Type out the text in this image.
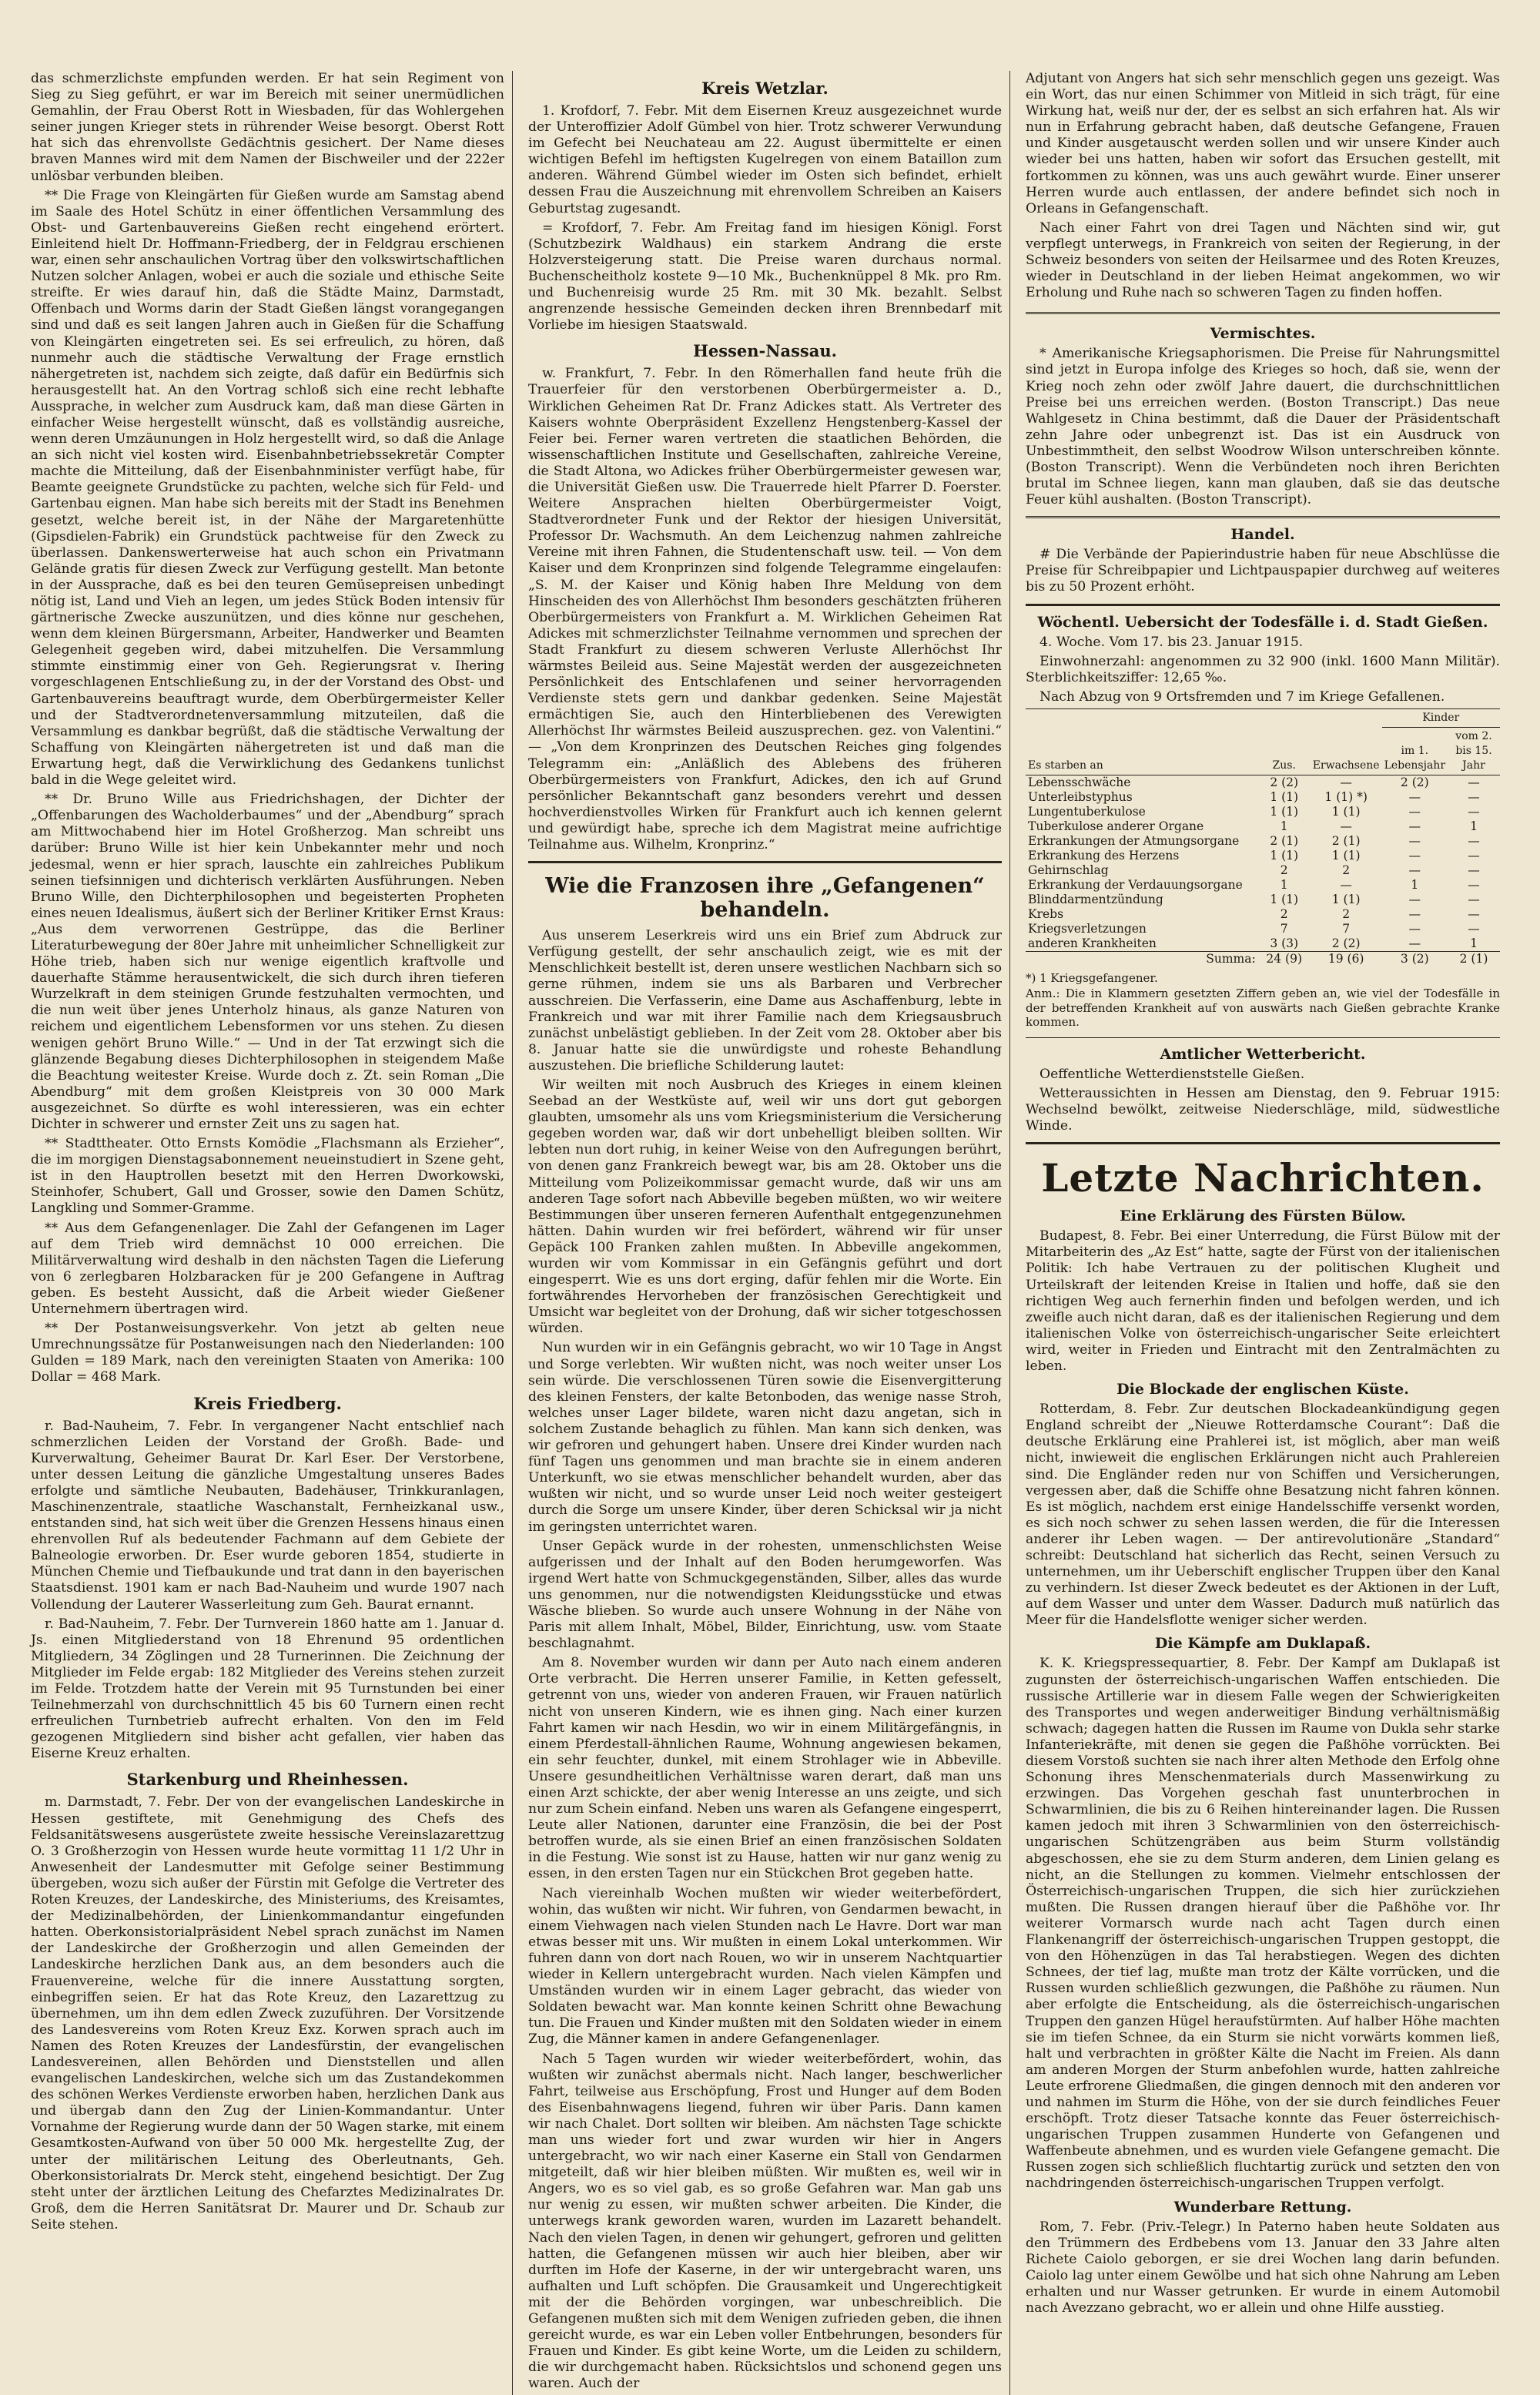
das schmerzlichste empfunden werden. Er hat sein Regiment von Sieg zu Sieg geführt, er war im Bereich mit seiner unermüdlichen Gemahlin, der Frau Oberst Rott in Wiesbaden, für das Wohlergehen seiner jungen Krieger stets in rührender Weise besorgt. Oberst Rott hat sich das ehrenvollste Gedächtnis gesichert. Der Name dieses braven Mannes wird mit dem Namen der Bischweiler und der 222er unlösbar verbunden bleiben.

** Die Frage von Kleingärten für Gießen wurde am Samstag abend im Saale des Hotel Schütz in einer öffentlichen Versammlung des Obst- und Gartenbauvereins Gießen recht eingehend erörtert. Einleitend hielt Dr. Hoffmann-Friedberg, der in Feldgrau erschienen war, einen sehr anschaulichen Vortrag über den volkswirtschaftlichen Nutzen solcher Anlagen, wobei er auch die soziale und ethische Seite streifte. Er wies darauf hin, daß die Städte Mainz, Darmstadt, Offenbach und Worms darin der Stadt Gießen längst vorangegangen sind und daß es seit langen Jahren auch in Gießen für die Schaffung von Kleingärten eingetreten sei. Es sei erfreulich, zu hören, daß nunmehr auch die städtische Verwaltung der Frage ernstlich nähergetreten ist, nachdem sich zeigte, daß dafür ein Bedürfnis sich herausgestellt hat. An den Vortrag schloß sich eine recht lebhafte Aussprache, in welcher zum Ausdruck kam, daß man diese Gärten in einfacher Weise hergestellt wünscht, daß es vollständig ausreiche, wenn deren Umzäunungen in Holz hergestellt wird, so daß die Anlage an sich nicht viel kosten wird. Eisenbahnbetriebssekretär Compter machte die Mitteilung, daß der Eisenbahnminister verfügt habe, für Beamte geeignete Grundstücke zu pachten, welche sich für Feld- und Gartenbau eignen. Man habe sich bereits mit der Stadt ins Benehmen gesetzt, welche bereit ist, in der Nähe der Margaretenhütte (Gipsdielen-Fabrik) ein Grundstück pachtweise für den Zweck zu überlassen. Dankenswerterweise hat auch schon ein Privatmann Gelände gratis für diesen Zweck zur Verfügung gestellt. Man betonte in der Aussprache, daß es bei den teuren Gemüsepreisen unbedingt nötig ist, Land und Vieh an legen, um jedes Stück Boden intensiv für gärtnerische Zwecke auszunützen, und dies könne nur geschehen, wenn dem kleinen Bürgersmann, Arbeiter, Handwerker und Beamten Gelegenheit gegeben wird, dabei mitzuhelfen. Die Versammlung stimmte einstimmig einer von Geh. Regierungsrat v. Ihering vorgeschlagenen Entschließung zu, in der der Vorstand des Obst- und Gartenbauvereins beauftragt wurde, dem Oberbürgermeister Keller und der Stadtverordnetenversammlung mitzuteilen, daß die Versammlung es dankbar begrüßt, daß die städtische Verwaltung der Schaffung von Kleingärten nähergetreten ist und daß man die Erwartung hegt, daß die Verwirklichung des Gedankens tunlichst bald in die Wege geleitet wird.

** Dr. Bruno Wille aus Friedrichshagen, der Dichter der „Offenbarungen des Wacholderbaumes“ und der „Abendburg“ sprach am Mittwochabend hier im Hotel Großherzog. Man schreibt uns darüber: Bruno Wille ist hier kein Unbekannter mehr und noch jedesmal, wenn er hier sprach, lauschte ein zahlreiches Publikum seinen tiefsinnigen und dichterisch verklärten Ausführungen. Neben Bruno Wille, den Dichterphilosophen und begeisterten Propheten eines neuen Idealismus, äußert sich der Berliner Kritiker Ernst Kraus: „Aus dem verworrenen Gestrüppe, das die Berliner Literaturbewegung der 80er Jahre mit unheimlicher Schnelligkeit zur Höhe trieb, haben sich nur wenige eigentlich kraftvolle und dauerhafte Stämme herausentwickelt, die sich durch ihren tieferen Wurzelkraft in dem steinigen Grunde festzuhalten vermochten, und die nun weit über jenes Unterholz hinaus, als ganze Naturen von reichem und eigentlichem Lebensformen vor uns stehen. Zu diesen wenigen gehört Bruno Wille.“ — Und in der Tat erzwingt sich die glänzende Begabung dieses Dichterphilosophen in steigendem Maße die Beachtung weitester Kreise. Wurde doch z. Zt. sein Roman „Die Abendburg“ mit dem großen Kleistpreis von 30 000 Mark ausgezeichnet. So dürfte es wohl interessieren, was ein echter Dichter in schwerer und ernster Zeit uns zu sagen hat.

** Stadttheater. Otto Ernsts Komödie „Flachsmann als Erzieher“, die im morgigen Dienstagsabonnement neueinstudiert in Szene geht, ist in den Hauptrollen besetzt mit den Herren Dworkowski, Steinhofer, Schubert, Gall und Grosser, sowie den Damen Schütz, Langkling und Sommer-Gramme.

** Aus dem Gefangenenlager. Die Zahl der Gefangenen im Lager auf dem Trieb wird demnächst 10 000 erreichen. Die Militärverwaltung wird deshalb in den nächsten Tagen die Lieferung von 6 zerlegbaren Holzbaracken für je 200 Gefangene in Auftrag geben. Es besteht Aussicht, daß die Arbeit wieder Gießener Unternehmern übertragen wird.

** Der Postanweisungsverkehr. Von jetzt ab gelten neue Umrechnungssätze für Postanweisungen nach den Niederlanden: 100 Gulden = 189 Mark, nach den vereinigten Staaten von Amerika: 100 Dollar = 468 Mark.

Kreis Friedberg.

r. Bad-Nauheim, 7. Febr. In vergangener Nacht entschlief nach schmerzlichen Leiden der Vorstand der Großh. Bade- und Kurverwaltung, Geheimer Baurat Dr. Karl Eser. Der Verstorbene, unter dessen Leitung die gänzliche Umgestaltung unseres Bades erfolgte und sämtliche Neubauten, Badehäuser, Trinkkuranlagen, Maschinenzentrale, staatliche Waschanstalt, Fernheizkanal usw., entstanden sind, hat sich weit über die Grenzen Hessens hinaus einen ehrenvollen Ruf als bedeutender Fachmann auf dem Gebiete der Balneologie erworben. Dr. Eser wurde geboren 1854, studierte in München Chemie und Tiefbaukunde und trat dann in den bayerischen Staatsdienst. 1901 kam er nach Bad-Nauheim und wurde 1907 nach Vollendung der Lauterer Wasserleitung zum Geh. Baurat ernannt.

r. Bad-Nauheim, 7. Febr. Der Turnverein 1860 hatte am 1. Januar d. Js. einen Mitgliederstand von 18 Ehrenund 95 ordentlichen Mitgliedern, 34 Zöglingen und 28 Turnerinnen. Die Zeichnung der Mitglieder im Felde ergab: 182 Mitglieder des Vereins stehen zurzeit im Felde. Trotzdem hatte der Verein mit 95 Turnstunden bei einer Teilnehmerzahl von durchschnittlich 45 bis 60 Turnern einen recht erfreulichen Turnbetrieb aufrecht erhalten. Von den im Feld gezogenen Mitgliedern sind bisher acht gefallen, vier haben das Eiserne Kreuz erhalten.

Starkenburg und Rheinhessen.

m. Darmstadt, 7. Febr. Der von der evangelischen Landeskirche in Hessen gestiftete, mit Genehmigung des Chefs des Feldsanitätswesens ausgerüstete zweite hessische Vereinslazarettzug O. 3 Großherzogin von Hessen wurde heute vormittag 11 1/2 Uhr in Anwesenheit der Landesmutter mit Gefolge seiner Bestimmung übergeben, wozu sich außer der Fürstin mit Gefolge die Vertreter des Roten Kreuzes, der Landeskirche, des Ministeriums, des Kreisamtes, der Medizinalbehörden, der Linienkommandantur eingefunden hatten. Oberkonsistorialpräsident Nebel sprach zunächst im Namen der Landeskirche der Großherzogin und allen Gemeinden der Landeskirche herzlichen Dank aus, an dem besonders auch die Frauenvereine, welche für die innere Ausstattung sorgten, einbegriffen seien. Er hat das Rote Kreuz, den Lazarettzug zu übernehmen, um ihn dem edlen Zweck zuzuführen. Der Vorsitzende des Landesvereins vom Roten Kreuz Exz. Korwen sprach auch im Namen des Roten Kreuzes der Landesfürstin, der evangelischen Landesvereinen, allen Behörden und Dienststellen und allen evangelischen Landeskirchen, welche sich um das Zustandekommen des schönen Werkes Verdienste erworben haben, herzlichen Dank aus und übergab dann den Zug der Linien-Kommandantur. Unter Vornahme der Regierung wurde dann der 50 Wagen starke, mit einem Gesamtkosten-Aufwand von über 50 000 Mk. hergestellte Zug, der unter der militärischen Leitung des Oberleutnants, Geh. Oberkonsistorialrats Dr. Merck steht, eingehend besichtigt. Der Zug steht unter der ärztlichen Leitung des Chefarztes Medizinalrates Dr. Groß, dem die Herren Sanitätsrat Dr. Maurer und Dr. Schaub zur Seite stehen.

Kreis Wetzlar.

1. Krofdorf, 7. Febr. Mit dem Eisernen Kreuz ausgezeichnet wurde der Unteroffizier Adolf Gümbel von hier. Trotz schwerer Verwundung im Gefecht bei Neuchateau am 22. August übermittelte er einen wichtigen Befehl im heftigsten Kugelregen von einem Bataillon zum anderen. Während Gümbel wieder im Osten sich befindet, erhielt dessen Frau die Auszeichnung mit ehrenvollem Schreiben an Kaisers Geburtstag zugesandt.

= Krofdorf, 7. Febr. Am Freitag fand im hiesigen Königl. Forst (Schutzbezirk Waldhaus) ein starkem Andrang die erste Holzversteigerung statt. Die Preise waren durchaus normal. Buchenscheitholz kostete 9—10 Mk., Buchenknüppel 8 Mk. pro Rm. und Buchenreisig wurde 25 Rm. mit 30 Mk. bezahlt. Selbst angrenzende hessische Gemeinden decken ihren Brennbedarf mit Vorliebe im hiesigen Staatswald.

Hessen-Nassau.

w. Frankfurt, 7. Febr. In den Römerhallen fand heute früh die Trauerfeier für den verstorbenen Oberbürgermeister a. D., Wirklichen Geheimen Rat Dr. Franz Adickes statt. Als Vertreter des Kaisers wohnte Oberpräsident Exzellenz Hengstenberg-Kassel der Feier bei. Ferner waren vertreten die staatlichen Behörden, die wissenschaftlichen Institute und Gesellschaften, zahlreiche Vereine, die Stadt Altona, wo Adickes früher Oberbürgermeister gewesen war, die Universität Gießen usw. Die Trauerrede hielt Pfarrer D. Foerster. Weitere Ansprachen hielten Oberbürgermeister Voigt, Stadtverordneter Funk und der Rektor der hiesigen Universität, Professor Dr. Wachsmuth. An dem Leichenzug nahmen zahlreiche Vereine mit ihren Fahnen, die Studentenschaft usw. teil. — Von dem Kaiser und dem Kronprinzen sind folgende Telegramme eingelaufen: „S. M. der Kaiser und König haben Ihre Meldung von dem Hinscheiden des von Allerhöchst Ihm besonders geschätzten früheren Oberbürgermeisters von Frankfurt a. M. Wirklichen Geheimen Rat Adickes mit schmerzlichster Teilnahme vernommen und sprechen der Stadt Frankfurt zu diesem schweren Verluste Allerhöchst Ihr wärmstes Beileid aus. Seine Majestät werden der ausgezeichneten Persönlichkeit des Entschlafenen und seiner hervorragenden Verdienste stets gern und dankbar gedenken. Seine Majestät ermächtigen Sie, auch den Hinterbliebenen des Verewigten Allerhöchst Ihr wärmstes Beileid auszusprechen. gez. von Valentini.“ — „Von dem Kronprinzen des Deutschen Reiches ging folgendes Telegramm ein: „Anläßlich des Ablebens des früheren Oberbürgermeisters von Frankfurt, Adickes, den ich auf Grund persönlicher Bekanntschaft ganz besonders verehrt und dessen hochverdienstvolles Wirken für Frankfurt auch ich kennen gelernt und gewürdigt habe, spreche ich dem Magistrat meine aufrichtige Teilnahme aus. Wilhelm, Kronprinz.“

Wie die Franzosen ihre „Gefangenen“ behandeln.

Aus unserem Leserkreis wird uns ein Brief zum Abdruck zur Verfügung gestellt, der sehr anschaulich zeigt, wie es mit der Menschlichkeit bestellt ist, deren unsere westlichen Nachbarn sich so gerne rühmen, indem sie uns als Barbaren und Verbrecher ausschreien. Die Verfasserin, eine Dame aus Aschaffenburg, lebte in Frankreich und war mit ihrer Familie nach dem Kriegsausbruch zunächst unbelästigt geblieben. In der Zeit vom 28. Oktober aber bis 8. Januar hatte sie die unwürdigste und roheste Behandlung auszustehen. Die briefliche Schilderung lautet:

Wir weilten mit noch Ausbruch des Krieges in einem kleinen Seebad an der Westküste auf, weil wir uns dort gut geborgen glaubten, umsomehr als uns vom Kriegsministerium die Versicherung gegeben worden war, daß wir dort unbehelligt bleiben sollten. Wir lebten nun dort ruhig, in keiner Weise von den Aufregungen berührt, von denen ganz Frankreich bewegt war, bis am 28. Oktober uns die Mitteilung vom Polizeikommissar gemacht wurde, daß wir uns am anderen Tage sofort nach Abbeville begeben müßten, wo wir weitere Bestimmungen über unseren ferneren Aufenthalt entgegenzunehmen hätten. Dahin wurden wir frei befördert, während wir für unser Gepäck 100 Franken zahlen mußten. In Abbeville angekommen, wurden wir vom Kommissar in ein Gefängnis geführt und dort eingesperrt. Wie es uns dort erging, dafür fehlen mir die Worte. Ein fortwährendes Hervorheben der französischen Gerechtigkeit und Umsicht war begleitet von der Drohung, daß wir sicher totgeschossen würden.

Nun wurden wir in ein Gefängnis gebracht, wo wir 10 Tage in Angst und Sorge verlebten. Wir wußten nicht, was noch weiter unser Los sein würde. Die verschlossenen Türen sowie die Eisenvergitterung des kleinen Fensters, der kalte Betonboden, das wenige nasse Stroh, welches unser Lager bildete, waren nicht dazu angetan, sich in solchem Zustande behaglich zu fühlen. Man kann sich denken, was wir gefroren und gehungert haben. Unsere drei Kinder wurden nach fünf Tagen uns genommen und man brachte sie in einem anderen Unterkunft, wo sie etwas menschlicher behandelt wurden, aber das wußten wir nicht, und so wurde unser Leid noch weiter gesteigert durch die Sorge um unsere Kinder, über deren Schicksal wir ja nicht im geringsten unterrichtet waren.

Unser Gepäck wurde in der rohesten, unmenschlichsten Weise aufgerissen und der Inhalt auf den Boden herumgeworfen. Was irgend Wert hatte von Schmuckgegenständen, Silber, alles das wurde uns genommen, nur die notwendigsten Kleidungsstücke und etwas Wäsche blieben. So wurde auch unsere Wohnung in der Nähe von Paris mit allem Inhalt, Möbel, Bilder, Einrichtung, usw. vom Staate beschlagnahmt.

Am 8. November wurden wir dann per Auto nach einem anderen Orte verbracht. Die Herren unserer Familie, in Ketten gefesselt, getrennt von uns, wieder von anderen Frauen, wir Frauen natürlich nicht von unseren Kindern, wie es ihnen ging. Nach einer kurzen Fahrt kamen wir nach Hesdin, wo wir in einem Militärgefängnis, in einem Pferdestall-ähnlichen Raume, Wohnung angewiesen bekamen, ein sehr feuchter, dunkel, mit einem Strohlager wie in Abbeville. Unsere gesundheitlichen Verhältnisse waren derart, daß man uns einen Arzt schickte, der aber wenig Interesse an uns zeigte, und sich nur zum Schein einfand. Neben uns waren als Gefangene eingesperrt, Leute aller Nationen, darunter eine Französin, die bei der Post betroffen wurde, als sie einen Brief an einen französischen Soldaten in die Festung. Wie sonst ist zu Hause, hatten wir nur ganz wenig zu essen, in den ersten Tagen nur ein Stückchen Brot gegeben hatte.

Nach viereinhalb Wochen mußten wir wieder weiterbefördert, wohin, das wußten wir nicht. Wir fuhren, von Gendarmen bewacht, in einem Viehwagen nach vielen Stunden nach Le Havre. Dort war man etwas besser mit uns. Wir mußten in einem Lokal unterkommen. Wir fuhren dann von dort nach Rouen, wo wir in unserem Nachtquartier wieder in Kellern untergebracht wurden. Nach vielen Kämpfen und Umständen wurden wir in einem Lager gebracht, das wieder von Soldaten bewacht war. Man konnte keinen Schritt ohne Bewachung tun. Die Frauen und Kinder mußten mit den Soldaten wieder in einem Zug, die Männer kamen in andere Gefangenenlager.

Nach 5 Tagen wurden wir wieder weiterbefördert, wohin, das wußten wir zunächst abermals nicht. Nach langer, beschwerlicher Fahrt, teilweise aus Erschöpfung, Frost und Hunger auf dem Boden des Eisenbahnwagens liegend, fuhren wir über Paris. Dann kamen wir nach Chalet. Dort sollten wir bleiben. Am nächsten Tage schickte man uns wieder fort und zwar wurden wir hier in Angers untergebracht, wo wir nach einer Kaserne ein Stall von Gendarmen mitgeteilt, daß wir hier bleiben müßten. Wir mußten es, weil wir in Angers, wo es so viel gab, es so große Gefahren war. Man gab uns nur wenig zu essen, wir mußten schwer arbeiten. Die Kinder, die unterwegs krank geworden waren, wurden im Lazarett behandelt. Nach den vielen Tagen, in denen wir gehungert, gefroren und gelitten hatten, die Gefangenen müssen wir auch hier bleiben, aber wir durften im Hofe der Kaserne, in der wir untergebracht waren, uns aufhalten und Luft schöpfen. Die Grausamkeit und Ungerechtigkeit mit der die Behörden vorgingen, war unbeschreiblich. Die Gefangenen mußten sich mit dem Wenigen zufrieden geben, die ihnen gereicht wurde, es war ein Leben voller Entbehrungen, besonders für Frauen und Kinder. Es gibt keine Worte, um die Leiden zu schildern, die wir durchgemacht haben. Rücksichtslos und schonend gegen uns waren. Auch der

Adjutant von Angers hat sich sehr menschlich gegen uns gezeigt. Was ein Wort, das nur einen Schimmer von Mitleid in sich trägt, für eine Wirkung hat, weiß nur der, der es selbst an sich erfahren hat. Als wir nun in Erfahrung gebracht haben, daß deutsche Gefangene, Frauen und Kinder ausgetauscht werden sollen und wir unsere Kinder auch wieder bei uns hatten, haben wir sofort das Ersuchen gestellt, mit fortkommen zu können, was uns auch gewährt wurde. Einer unserer Herren wurde auch entlassen, der andere befindet sich noch in Orleans in Gefangenschaft.

Nach einer Fahrt von drei Tagen und Nächten sind wir, gut verpflegt unterwegs, in Frankreich von seiten der Regierung, in der Schweiz besonders von seiten der Heilsarmee und des Roten Kreuzes, wieder in Deutschland in der lieben Heimat angekommen, wo wir Erholung und Ruhe nach so schweren Tagen zu finden hoffen.

Vermischtes.

* Amerikanische Kriegsaphorismen. Die Preise für Nahrungsmittel sind jetzt in Europa infolge des Krieges so hoch, daß sie, wenn der Krieg noch zehn oder zwölf Jahre dauert, die durchschnittlichen Preise bei uns erreichen werden. (Boston Transcript.) Das neue Wahlgesetz in China bestimmt, daß die Dauer der Präsidentschaft zehn Jahre oder unbegrenzt ist. Das ist ein Ausdruck von Unbestimmtheit, den selbst Woodrow Wilson unterschreiben könnte. (Boston Transcript). Wenn die Verbündeten noch ihren Berichten brutal im Schnee liegen, kann man glauben, daß sie das deutsche Feuer kühl aushalten. (Boston Transcript).

Handel.

# Die Verbände der Papierindustrie haben für neue Abschlüsse die Preise für Schreibpapier und Lichtpauspapier durchweg auf weiteres bis zu 50 Prozent erhöht.

Wöchentl. Uebersicht der Todesfälle i. d. Stadt Gießen.

4. Woche. Vom 17. bis 23. Januar 1915.

Einwohnerzahl: angenommen zu 32 900 (inkl. 1600 Mann Militär). Sterblichkeitsziffer: 12,65 ‰.

Nach Abzug von 9 Ortsfremden und 7 im Kriege Gefallenen.

Es starben an	Zus.	Erwachsene	Kinder	
			im 1. Lebensjahr	vom 2. bis 15. Jahr
Lebensschwäche	2 (2)	—	2 (2)	—
Unterleibstyphus	1 (1)	1 (1) *)	—	—
Lungentuberkulose	1 (1)	1 (1)	—	—
Tuberkulose anderer Organe	1	—	—	1
Erkrankungen der Atmungsorgane	2 (1)	2 (1)	—	—
Erkrankung des Herzens	1 (1)	1 (1)	—	—
Gehirnschlag	2	2	—	—
Erkrankung der Verdauungsorgane	1	—	1	—
Blinddarmentzündung	1 (1)	1 (1)	—	—
Krebs	2	2	—	—
Kriegsverletzungen	7	7	—	—
anderen Krankheiten	3 (3)	2 (2)	—	1
Summa:	24 (9)	19 (6)	3 (2)	2 (1)

*) 1 Kriegsgefangener.

Anm.: Die in Klammern gesetzten Ziffern geben an, wie viel der Todesfälle in der betreffenden Krankheit auf von auswärts nach Gießen gebrachte Kranke kommen.

Amtlicher Wetterbericht.

Oeffentliche Wetterdienststelle Gießen.

Wetteraussichten in Hessen am Dienstag, den 9. Februar 1915: Wechselnd bewölkt, zeitweise Niederschläge, mild, südwestliche Winde.

Letzte Nachrichten.
Eine Erklärung des Fürsten Bülow.

Budapest, 8. Febr. Bei einer Unterredung, die Fürst Bülow mit der Mitarbeiterin des „Az Est“ hatte, sagte der Fürst von der italienischen Politik: Ich habe Vertrauen zu der politischen Klugheit und Urteilskraft der leitenden Kreise in Italien und hoffe, daß sie den richtigen Weg auch fernerhin finden und befolgen werden, und ich zweifle auch nicht daran, daß es der italienischen Regierung und dem italienischen Volke von österreichisch-ungarischer Seite erleichtert wird, weiter in Frieden und Eintracht mit den Zentralmächten zu leben.

Die Blockade der englischen Küste.

Rotterdam, 8. Febr. Zur deutschen Blockadeankündigung gegen England schreibt der „Nieuwe Rotterdamsche Courant“: Daß die deutsche Erklärung eine Prahlerei ist, ist möglich, aber man weiß nicht, inwieweit die englischen Erklärungen nicht auch Prahlereien sind. Die Engländer reden nur von Schiffen und Versicherungen, vergessen aber, daß die Schiffe ohne Besatzung nicht fahren können. Es ist möglich, nachdem erst einige Handelsschiffe versenkt worden, es sich noch schwer zu sehen lassen werden, die für die Interessen anderer ihr Leben wagen. — Der antirevolutionäre „Standard“ schreibt: Deutschland hat sicherlich das Recht, seinen Versuch zu unternehmen, um ihr Ueberschift englischer Truppen über den Kanal zu verhindern. Ist dieser Zweck bedeutet es der Aktionen in der Luft, auf dem Wasser und unter dem Wasser. Dadurch muß natürlich das Meer für die Handelsflotte weniger sicher werden.

Die Kämpfe am Duklapaß.

K. K. Kriegspressequartier, 8. Febr. Der Kampf am Duklapaß ist zugunsten der österreichisch-ungarischen Waffen entschieden. Die russische Artillerie war in diesem Falle wegen der Schwierigkeiten des Transportes und wegen anderweitiger Bindung verhältnismäßig schwach; dagegen hatten die Russen im Raume von Dukla sehr starke Infanteriekräfte, mit denen sie gegen die Paßhöhe vorrückten. Bei diesem Vorstoß suchten sie nach ihrer alten Methode den Erfolg ohne Schonung ihres Menschenmaterials durch Massenwirkung zu erzwingen. Das Vorgehen geschah fast ununterbrochen in Schwarmlinien, die bis zu 6 Reihen hintereinander lagen. Die Russen kamen jedoch mit ihren 3 Schwarmlinien von den österreichisch-ungarischen Schützengräben aus beim Sturm vollständig abgeschossen, ehe sie zu dem Sturm anderen, dem Linien gelang es nicht, an die Stellungen zu kommen. Vielmehr entschlossen der Österreichisch-ungarischen Truppen, die sich hier zurückziehen mußten. Die Russen drangen hierauf über die Paßhöhe vor. Ihr weiterer Vormarsch wurde nach acht Tagen durch einen Flankenangriff der österreichisch-ungarischen Truppen gestoppt, die von den Höhenzügen in das Tal herabstiegen. Wegen des dichten Schnees, der tief lag, mußte man trotz der Kälte vorrücken, und die Russen wurden schließlich gezwungen, die Paßhöhe zu räumen. Nun aber erfolgte die Entscheidung, als die österreichisch-ungarischen Truppen den ganzen Hügel heraufstürmten. Auf halber Höhe machten sie im tiefen Schnee, da ein Sturm sie nicht vorwärts kommen ließ, halt und verbrachten in größter Kälte die Nacht im Freien. Als dann am anderen Morgen der Sturm anbefohlen wurde, hatten zahlreiche Leute erfrorene Gliedmaßen, die gingen dennoch mit den anderen vor und nahmen im Sturm die Höhe, von der sie durch feindliches Feuer erschöpft. Trotz dieser Tatsache konnte das Feuer österreichisch-ungarischen Truppen zusammen Hunderte von Gefangenen und Waffenbeute abnehmen, und es wurden viele Gefangene gemacht. Die Russen zogen sich schließlich fluchtartig zurück und setzten den von nachdringenden österreichisch-ungarischen Truppen verfolgt.

Wunderbare Rettung.

Rom, 7. Febr. (Priv.-Telegr.) In Paterno haben heute Soldaten aus den Trümmern des Erdbebens vom 13. Januar den 33 Jahre alten Richete Caiolo geborgen, er sie drei Wochen lang darin befunden. Caiolo lag unter einem Gewölbe und hat sich ohne Nahrung am Leben erhalten und nur Wasser getrunken. Er wurde in einem Automobil nach Avezzano gebracht, wo er allein und ohne Hilfe ausstieg.
